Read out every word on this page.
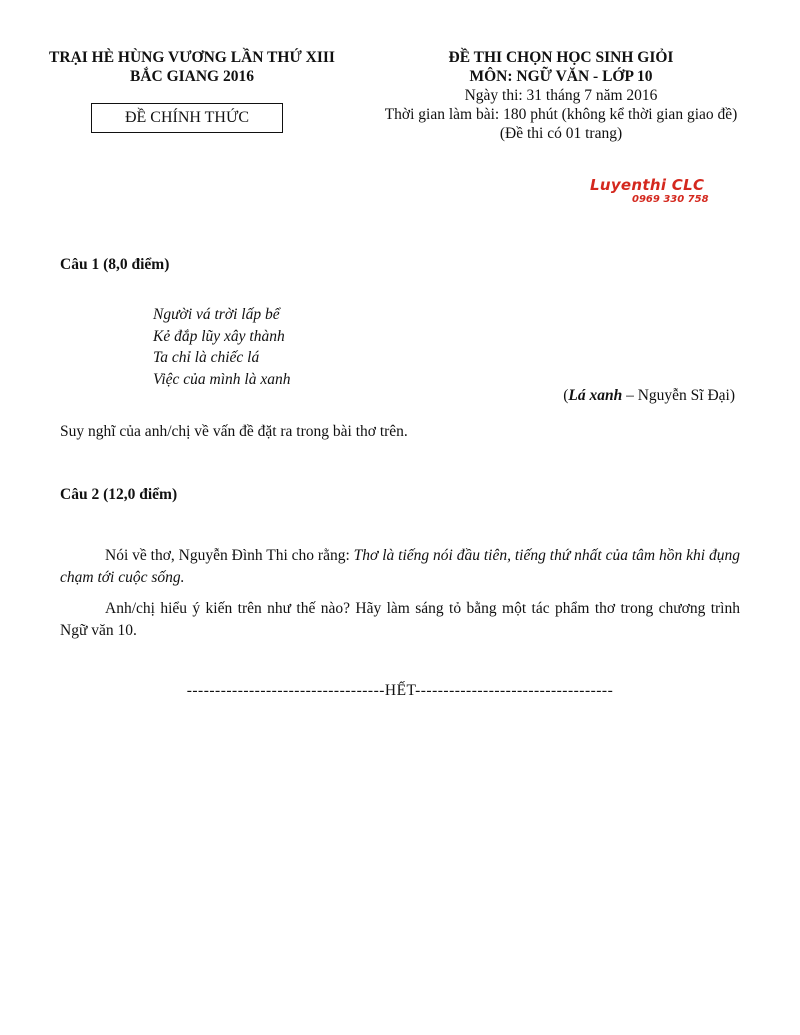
TRẠI HÈ HÙNG VƯƠNG LẦN THỨ XIII
BẮC GIANG 2016
ĐỀ CHÍNH THỨC
ĐỀ THI CHỌN HỌC SINH GIỎI
MÔN: NGỮ VĂN - LỚP 10
Ngày thi: 31 tháng 7 năm 2016
Thời gian làm bài: 180 phút (không kể thời gian giao đề)
(Đề thi có 01 trang)
Luyenthi CLC
0969 330 758
Câu 1 (8,0 điểm)
Người vá trời lấp bể
Kẻ đắp lũy xây thành
Ta chỉ là chiếc lá
Việc của mình là xanh
(Lá xanh – Nguyễn Sĩ Đại)
Suy nghĩ của anh/chị về vấn đề đặt ra trong bài thơ trên.
Câu 2 (12,0 điểm)
Nói về thơ, Nguyễn Đình Thi cho rằng: Thơ là tiếng nói đầu tiên, tiếng thứ nhất của tâm hồn khi đụng chạm tới cuộc sống.
Anh/chị hiểu ý kiến trên như thế nào? Hãy làm sáng tỏ bằng một tác phẩm thơ trong chương trình Ngữ văn 10.
-----------------------------------HẾT-----------------------------------
